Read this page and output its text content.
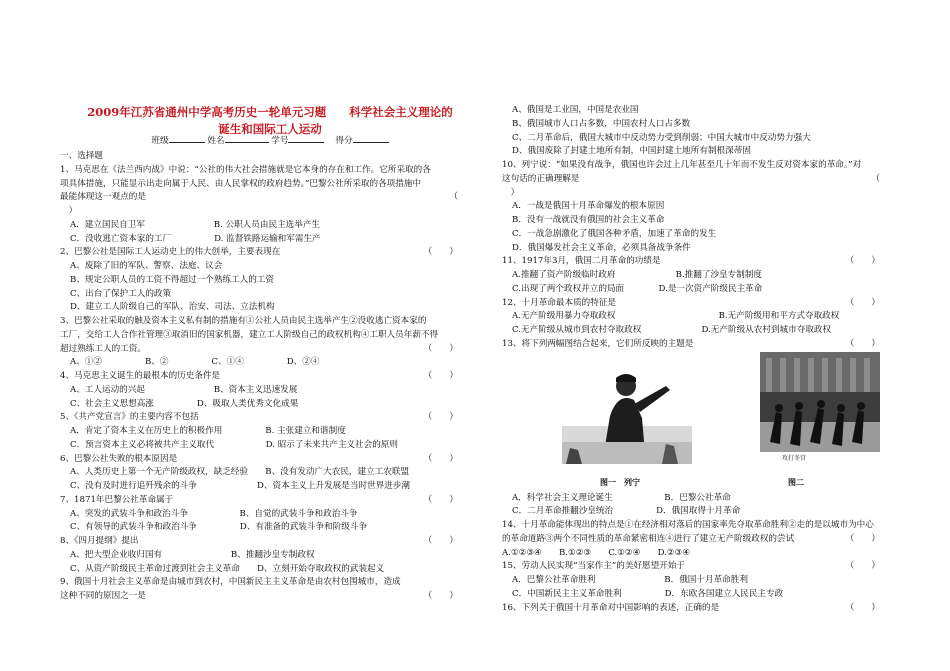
2009年江苏省通州中学高考历史一轮单元习题　　科学社会主义理论的
诞生和国际工人运动
班级	姓名	学号	得分
一、选择题
1、马克思在《法兰西内战》中说：“公社的伟大社会措施就是它本身的存在和工作。它所采取的各
项具体措施，只能显示出走向属于人民、由人民掌权的政府趋势。”巴黎公社所采取的各项措施中
最能体现这一观点的是	（
　）
A．建立国民自卫军　　　　　　　　B. 公职人员由民主选举产生
C．没收逃亡资本家的工厂　　　　　D. 监督铁路运输和军需生产
2、巴黎公社是国际工人运动史上的伟大创举，主要表现在	（　　）
A、废除了旧的军队、警察、法庭、议会
B、规定公职人员的工资不得超过一个熟练工人的工资
C、出台了保护工人的政策
D、建立工人阶级自己的军队、治安、司法、立法机构
3、巴黎公社采取的触及资本主义私有制的措施有①公社人员由民主选举产生②没收逃亡资本家的
工厂，交给工人合作社管理③取消旧的国家机器，建立工人阶级自己的政权机构④工职人员年薪不得
超过熟练工人的工资。	（　　）
A、①②　　　　　B、②　　　　　C、①④　　　　　D、②④
4、马克思主义诞生的最根本的历史条件是	（　　）
A、工人运动的兴起　　　　　　　　B、资本主义迅速发展
C、社会主义思想高涨　　　　　D、吸取人类优秀文化成果
5、《共产党宣言》的主要内容不包括	（　　）
A．肯定了资本主义在历史上的积极作用　　　　　B. 主张建立和谐制度
C．预言资本主义必将被共产主义取代　　　　　　D. 昭示了未来共产主义社会的原则
6、巴黎公社失败的根本原因是	（　　）
A、人类历史上第一个无产阶级政权，缺乏经验　　B、没有发动广大农民，建立工农联盟
C、没有及时进行追歼残余的斗争　　　　　　　D、资本主义上升发展是当时世界进步潮
7、1871年巴黎公社革命属于	（　　）
A、突发的武装斗争和政治斗争　　　　　　B、自觉的武装斗争和政治斗争
C、有领导的武装斗争和政治斗争　　　　　D、有准备的武装斗争和阶级斗争
8、《四月提纲》提出	（　　）
A、把大型企业收归国有　　　　　　　　B、推翻沙皇专制政权
C、从资产阶级民主革命过渡到社会主义革命　　D、立刻开始夺取政权的武装起义
9、俄国十月社会主义革命是由城市到农村，中国新民主主义革命是由农村包围城市，造成
这种不同的原因之一是	（　　）
A、俄国是工业国，中国是农业国
B、俄国城市人口占多数，中国农村人口占多数
C、二月革命后，俄国大城市中反动势力受到削弱；中国大城市中反动势力强大
D、俄国废除了封建土地所有制，中国封建土地所有制根深蒂固
10、列宁说：“如果没有战争，俄国也许会过上几年甚至几十年而不发生反对资本家的革命。”对
这句话的正确理解是	（
　）
A．一战是俄国十月革命爆发的根本原因
B．没有一战就没有俄国的社会主义革命
C．一战急剧激化了俄国各种矛盾，加速了革命的发生
D．俄国爆发社会主义革命，必须具备战争条件
11、1917年3月，俄国二月革命的功绩是	（　　）
A.推翻了资产阶级临时政府　　　　　　　B.推翻了沙皇专制制度
C.出现了两个政权并立的局面　　　　D.是一次资产阶级民主革命
12、十月革命最本质的特征是	（　　）
A.无产阶级用暴力夺取政权　　　　　　　　　　　　B.无产阶级用和平方式夺取政权
C.无产阶级从城市到农村夺取政权　　　　　　　D.无产阶级从农村到城市夺取政权
13、将下列两幅图结合起来，它们所反映的主题是	（　　）
攻打冬宫
图一　列宁	图二
A．科学社会主义理论诞生　　　　　　B．巴黎公社革命
C．二月革命推翻沙皇统治　　　　　D．俄国取得十月革命
14、十月革命能体现出的特点是①在经济相对落后的国家率先夺取革命胜利②走的是以城市为中心
的革命道路③两个不同性质的革命紧密相连④进行了建立无产阶级政权的尝试	（　　）
A.①②③④　　B.①②③　　C.①②④　　D.②③④
15、劳动人民实现“当家作主”的美好愿望开始于	（　　）
A．巴黎公社革命胜利　　　　　　　　B．俄国十月革命胜利
C．中国新民主主义革命胜利　　　　　D．东欧各国建立人民民主专政
16、下列关于俄国十月革命对中国影响的表述，正确的是	（　　）
